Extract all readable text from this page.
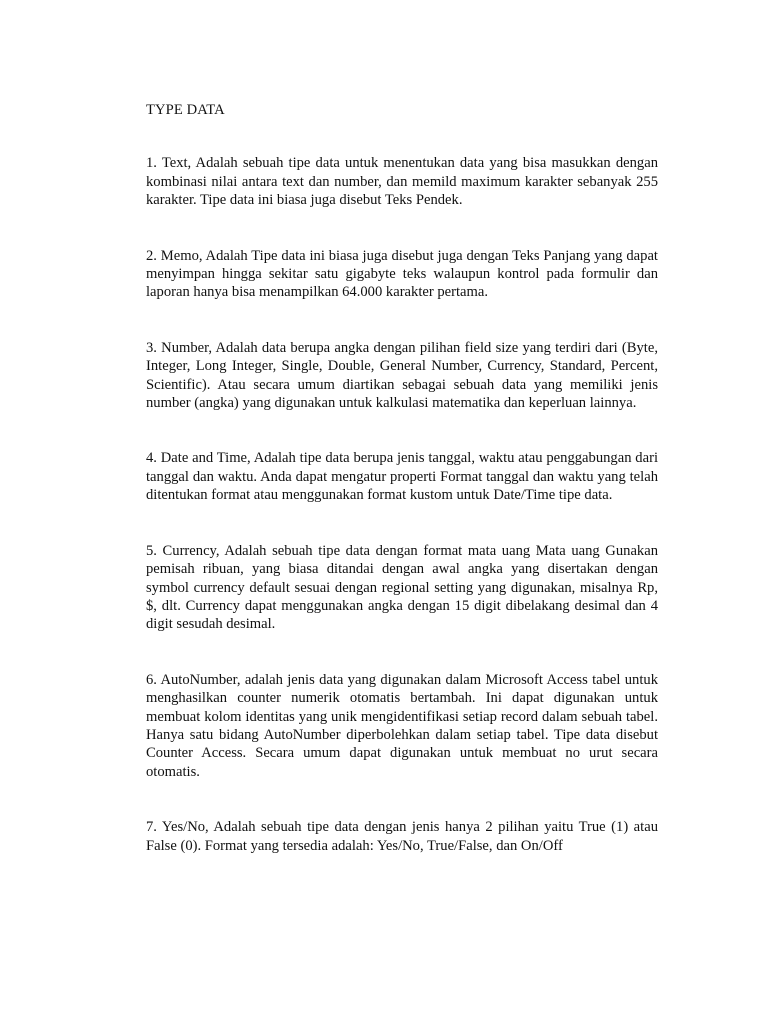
TYPE DATA

1. Text, Adalah sebuah tipe data untuk menentukan data yang bisa masukkan dengan kombinasi nilai antara text dan number, dan memild maximum karakter sebanyak 255 karakter. Tipe data ini biasa juga disebut Teks Pendek.

2. Memo, Adalah Tipe data ini biasa juga disebut juga dengan Teks Panjang yang dapat menyimpan hingga sekitar satu gigabyte teks walaupun kontrol pada formulir dan laporan hanya bisa menampilkan 64.000 karakter pertama.

3. Number, Adalah data berupa angka dengan pilihan field size yang terdiri dari (Byte, Integer, Long Integer, Single, Double, General Number, Currency, Standard, Percent, Scientific). Atau secara umum diartikan sebagai sebuah data yang memiliki jenis number (angka) yang digunakan untuk kalkulasi matematika dan keperluan lainnya.

4. Date and Time, Adalah tipe data berupa jenis tanggal, waktu atau penggabungan dari tanggal dan waktu. Anda dapat mengatur properti Format tanggal dan waktu yang telah ditentukan format atau menggunakan format kustom untuk Date/Time tipe data.

5. Currency, Adalah sebuah tipe data dengan format mata uang Mata uang Gunakan pemisah ribuan, yang biasa ditandai dengan awal angka yang disertakan dengan symbol currency default sesuai dengan regional setting yang digunakan, misalnya Rp, $, dlt. Currency dapat menggunakan angka dengan 15 digit dibelakang desimal dan 4 digit sesudah desimal.

6. AutoNumber, adalah jenis data yang digunakan dalam Microsoft Access tabel untuk menghasilkan counter numerik otomatis bertambah. Ini dapat digunakan untuk membuat kolom identitas yang unik mengidentifikasi setiap record dalam sebuah tabel. Hanya satu bidang AutoNumber diperbolehkan dalam setiap tabel. Tipe data disebut Counter Access. Secara umum dapat digunakan untuk membuat no urut secara otomatis.

7. Yes/No, Adalah sebuah tipe data dengan jenis hanya 2 pilihan yaitu True (1) atau False (0). Format yang tersedia adalah: Yes/No, True/False, dan On/Off
